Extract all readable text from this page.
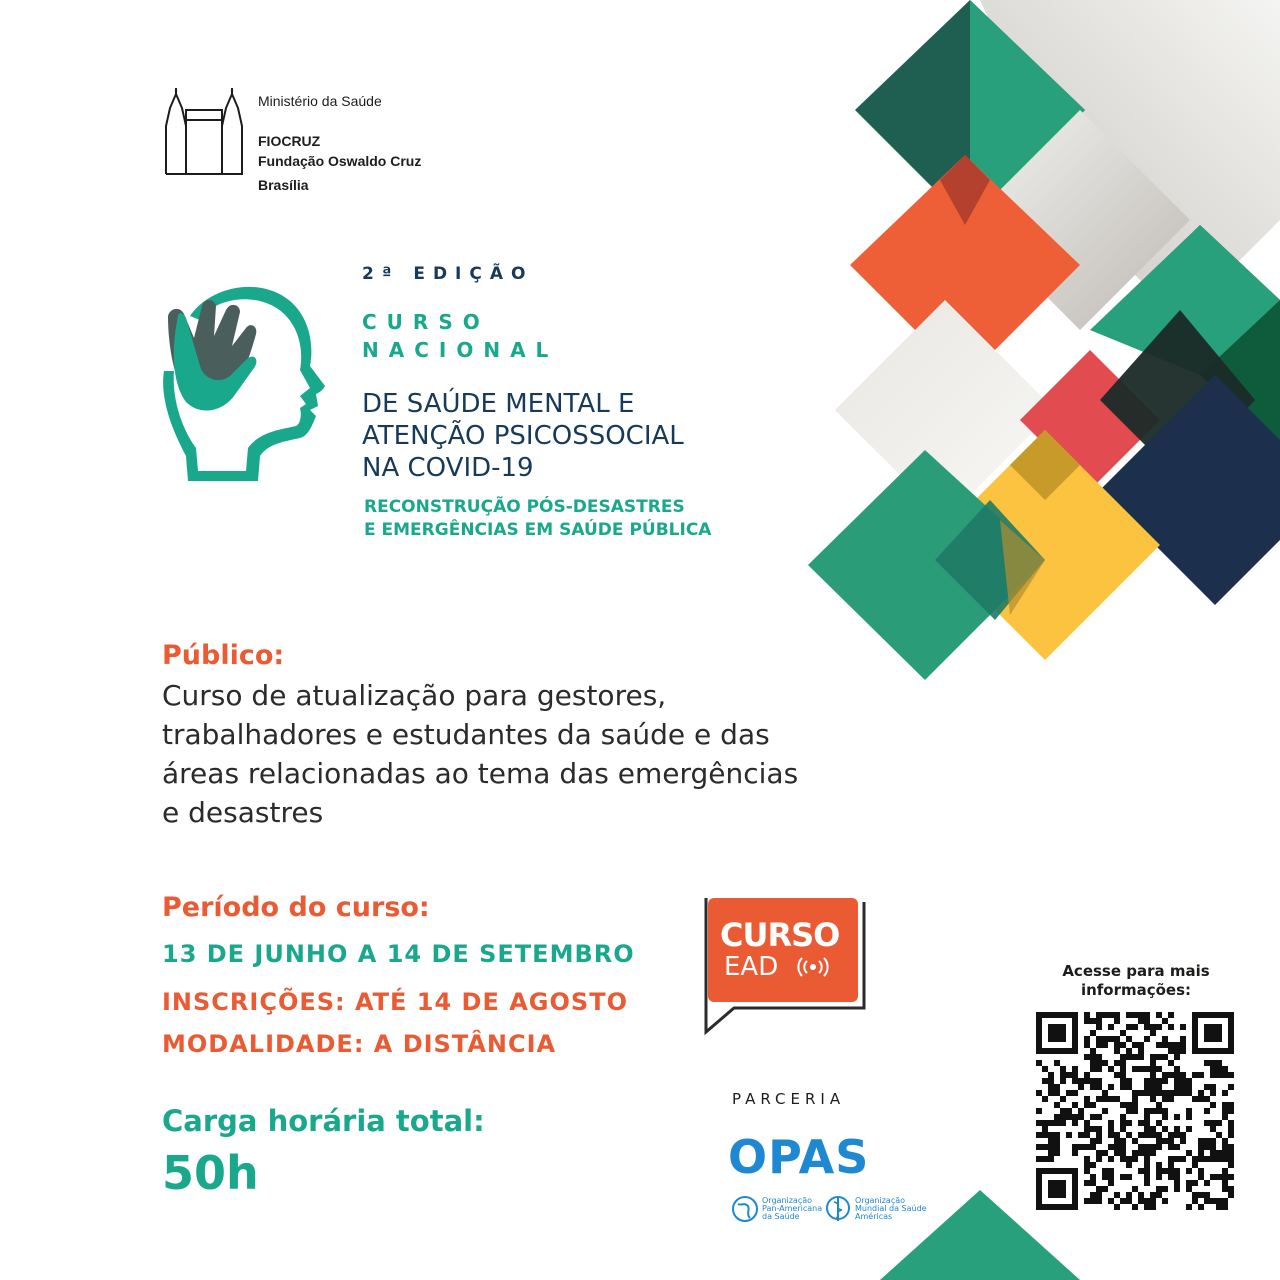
Ministério da Saúde
FIOCRUZ
Fundação Oswaldo Cruz
Brasília
2ª EDIÇÃO
CURSO
NACIONAL
DE SAÚDE MENTAL E
ATENÇÃO PSICOSSOCIAL
NA COVID-19
RECONSTRUÇÃO PÓS-DESASTRES
E EMERGÊNCIAS EM SAÚDE PÚBLICA
Público:
Curso de atualização para gestores, trabalhadores e estudantes da saúde e das áreas relacionadas ao tema das emergências e desastres
Período do curso:
13 DE JUNHO A 14 DE SETEMBRO
INSCRIÇÕES: ATÉ 14 DE AGOSTO
MODALIDADE: A DISTÂNCIA
Carga horária total:
50h
CURSO
EAD
PARCERIA
OPAS
Organização
Pan-Americana
da Saúde
Organização
Mundial da Saúde
Américas
Acesse para mais informações:
